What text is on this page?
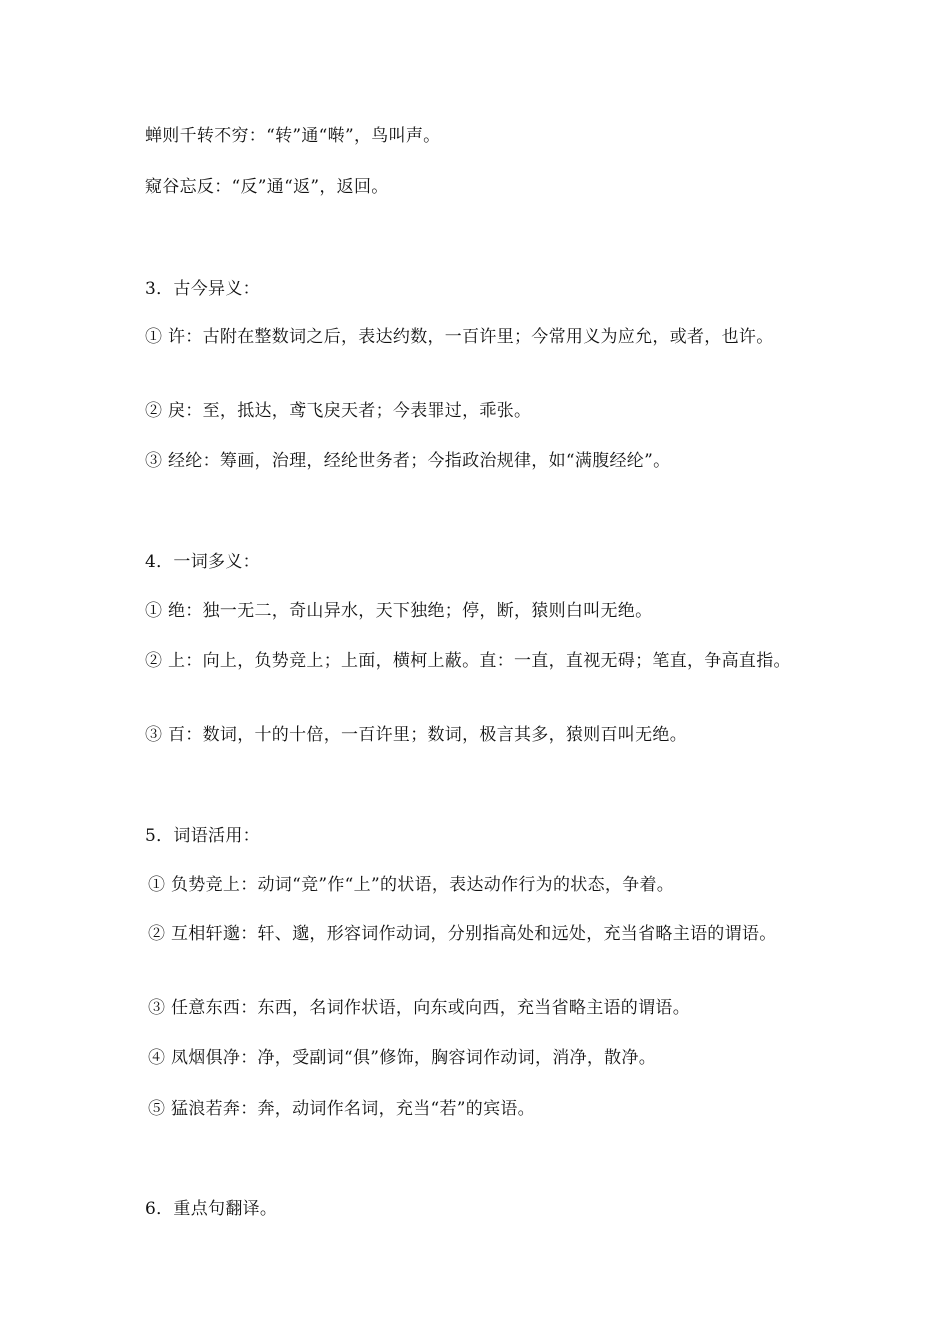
蝉则千转不穷：“转”通“啭”，鸟叫声。
窥谷忘反：“反”通“返”，返回。
3．古今异义：
① 许：古附在整数词之后，表达约数，一百许里；今常用义为应允，或者，也许。
② 戾：至，抵达，鸢飞戾天者；今表罪过，乖张。
③ 经纶：筹画，治理，经纶世务者；今指政治规律，如“满腹经纶”。
4．一词多义：
① 绝：独一无二，奇山异水，天下独绝；停，断，猿则白叫无绝。
② 上：向上，负势竞上；上面，横柯上蔽。直：一直，直视无碍；笔直，争高直指。
③ 百：数词，十的十倍，一百许里；数词，极言其多，猿则百叫无绝。
5．词语活用：
① 负势竞上：动词“竞”作“上”的状语，表达动作行为的状态，争着。
② 互相轩邈：轩、邈，形容词作动词，分别指高处和远处，充当省略主语的谓语。
③ 任意东西：东西，名词作状语，向东或向西，充当省略主语的谓语。
④ 凤烟俱净：净，受副词“俱”修饰，胸容词作动词，消净，散净。
⑤ 猛浪若奔：奔，动词作名词，充当“若”的宾语。
6．重点句翻译。
